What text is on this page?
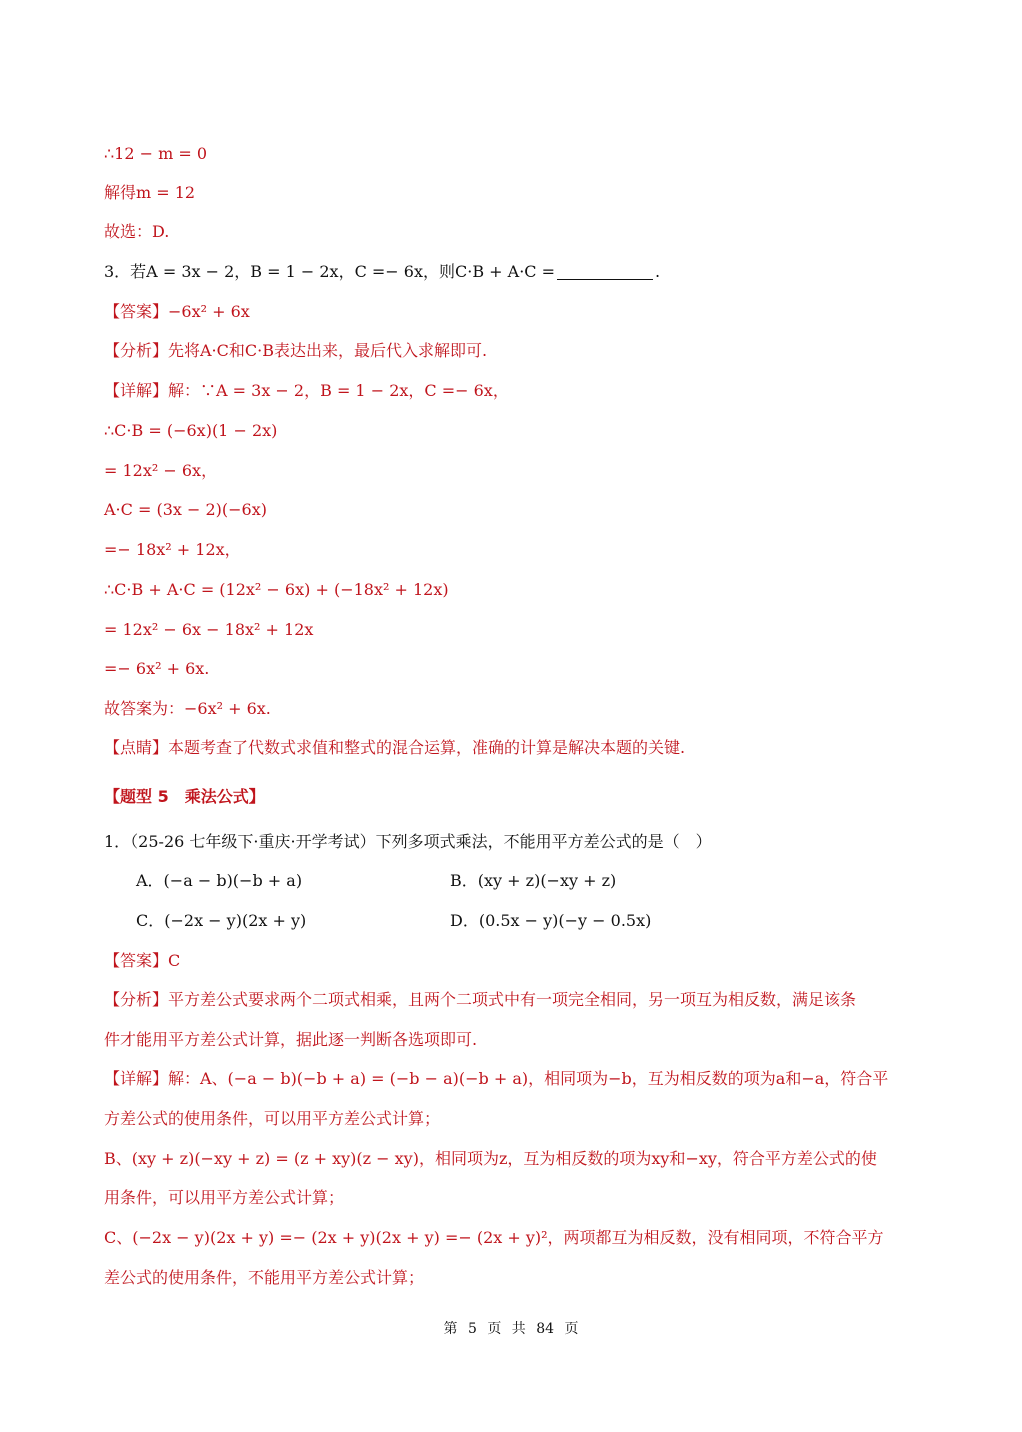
∴12 − m = 0
解得m = 12
故选：D.
3．若A = 3x − 2，B = 1 − 2x，C =− 6x，则C·B + A·C =	.
【答案】−6x² + 6x
【分析】先将A·C和C·B表达出来，最后代入求解即可.
【详解】解：∵A = 3x − 2，B = 1 − 2x，C =− 6x，
∴C·B = (−6x)(1 − 2x)
= 12x² − 6x，
A·C = (3x − 2)(−6x)
=− 18x² + 12x，
∴C·B + A·C = (12x² − 6x) + (−18x² + 12x)
= 12x² − 6x − 18x² + 12x
=− 6x² + 6x.
故答案为：−6x² + 6x.
【点睛】本题考查了代数式求值和整式的混合运算，准确的计算是解决本题的关键.
【题型 5　乘法公式】
1．（25-26 七年级下·重庆·开学考试）下列多项式乘法，不能用平方差公式的是（　）
A．(−a − b)(−b + a)	B．(xy + z)(−xy + z)
C．(−2x − y)(2x + y)	D．(0.5x − y)(−y − 0.5x)
【答案】C
【分析】平方差公式要求两个二项式相乘，且两个二项式中有一项完全相同，另一项互为相反数，满足该条
件才能用平方差公式计算，据此逐一判断各选项即可.
【详解】解：A、(−a − b)(−b + a) = (−b − a)(−b + a)，相同项为−b，互为相反数的项为a和−a，符合平
方差公式的使用条件，可以用平方差公式计算；
B、(xy + z)(−xy + z) = (z + xy)(z − xy)，相同项为z，互为相反数的项为xy和−xy，符合平方差公式的使
用条件，可以用平方差公式计算；
C、(−2x − y)(2x + y) =− (2x + y)(2x + y) =− (2x + y)²，两项都互为相反数，没有相同项，不符合平方
差公式的使用条件，不能用平方差公式计算；
第 5 页 共 84 页
